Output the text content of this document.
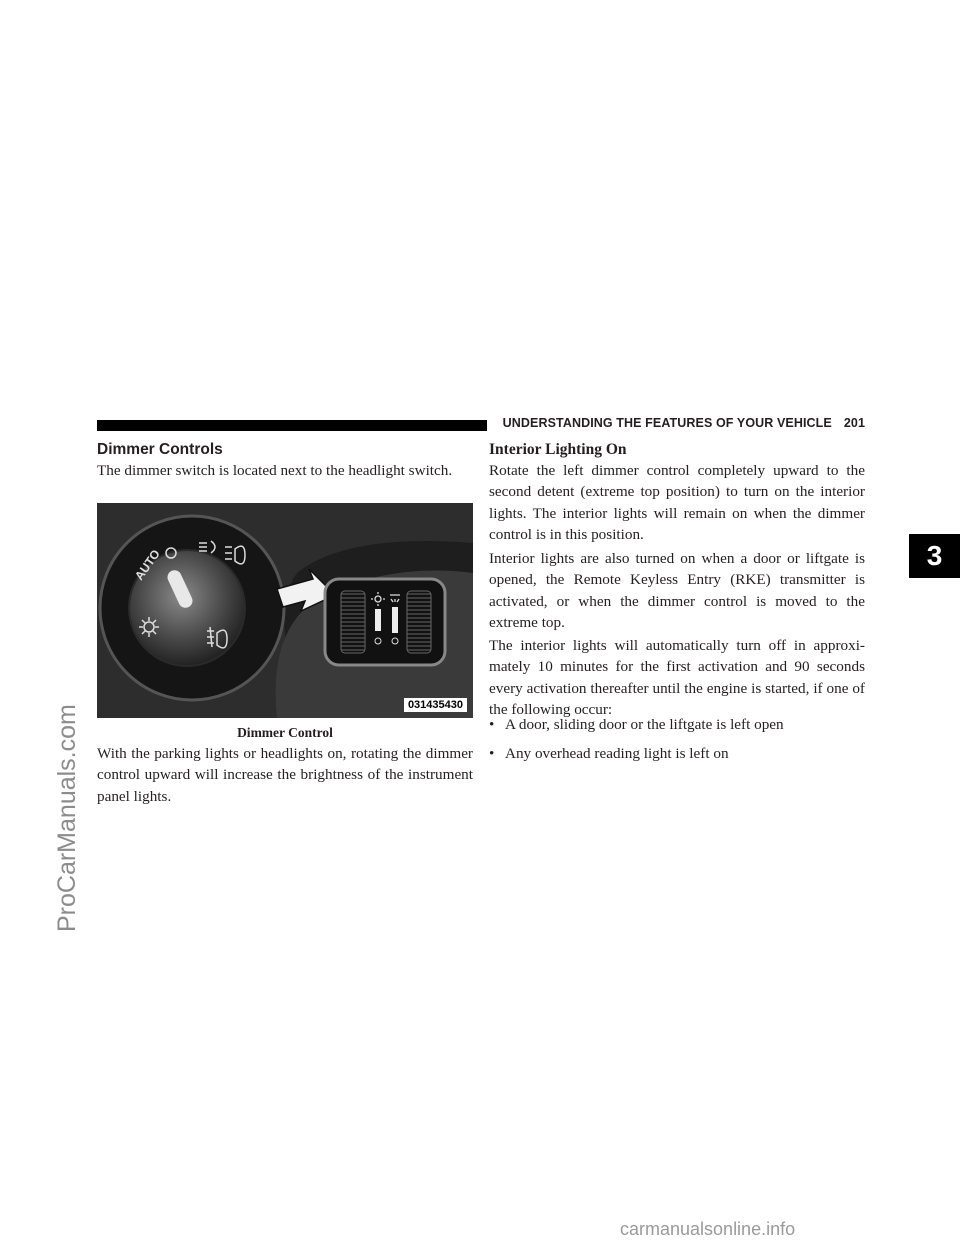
UNDERSTANDING THE FEATURES OF YOUR VEHICLE 201
Dimmer Controls

The dimmer switch is located next to the headlight switch.

AUTO
031435430
Dimmer Control

With the parking lights or headlights on, rotating the dimmer control upward will increase the brightness of the instrument panel lights.

Interior Lighting On

Rotate the left dimmer control completely upward to the second detent (extreme top position) to turn on the interior lights. The interior lights will remain on when the dimmer control is in this position.

Interior lights are also turned on when a door or liftgate is opened, the Remote Keyless Entry (RKE) transmitter is activated, or when the dimmer control is moved to the extreme top.

The interior lights will automatically turn off in approxi- mately 10 minutes for the first activation and 90 seconds every activation thereafter until the engine is started, if one of the following occur:

• A door, sliding door or the liftgate is left open
• Any overhead reading light is left on
3
ProCarManuals.com
carmanualsonline.info
